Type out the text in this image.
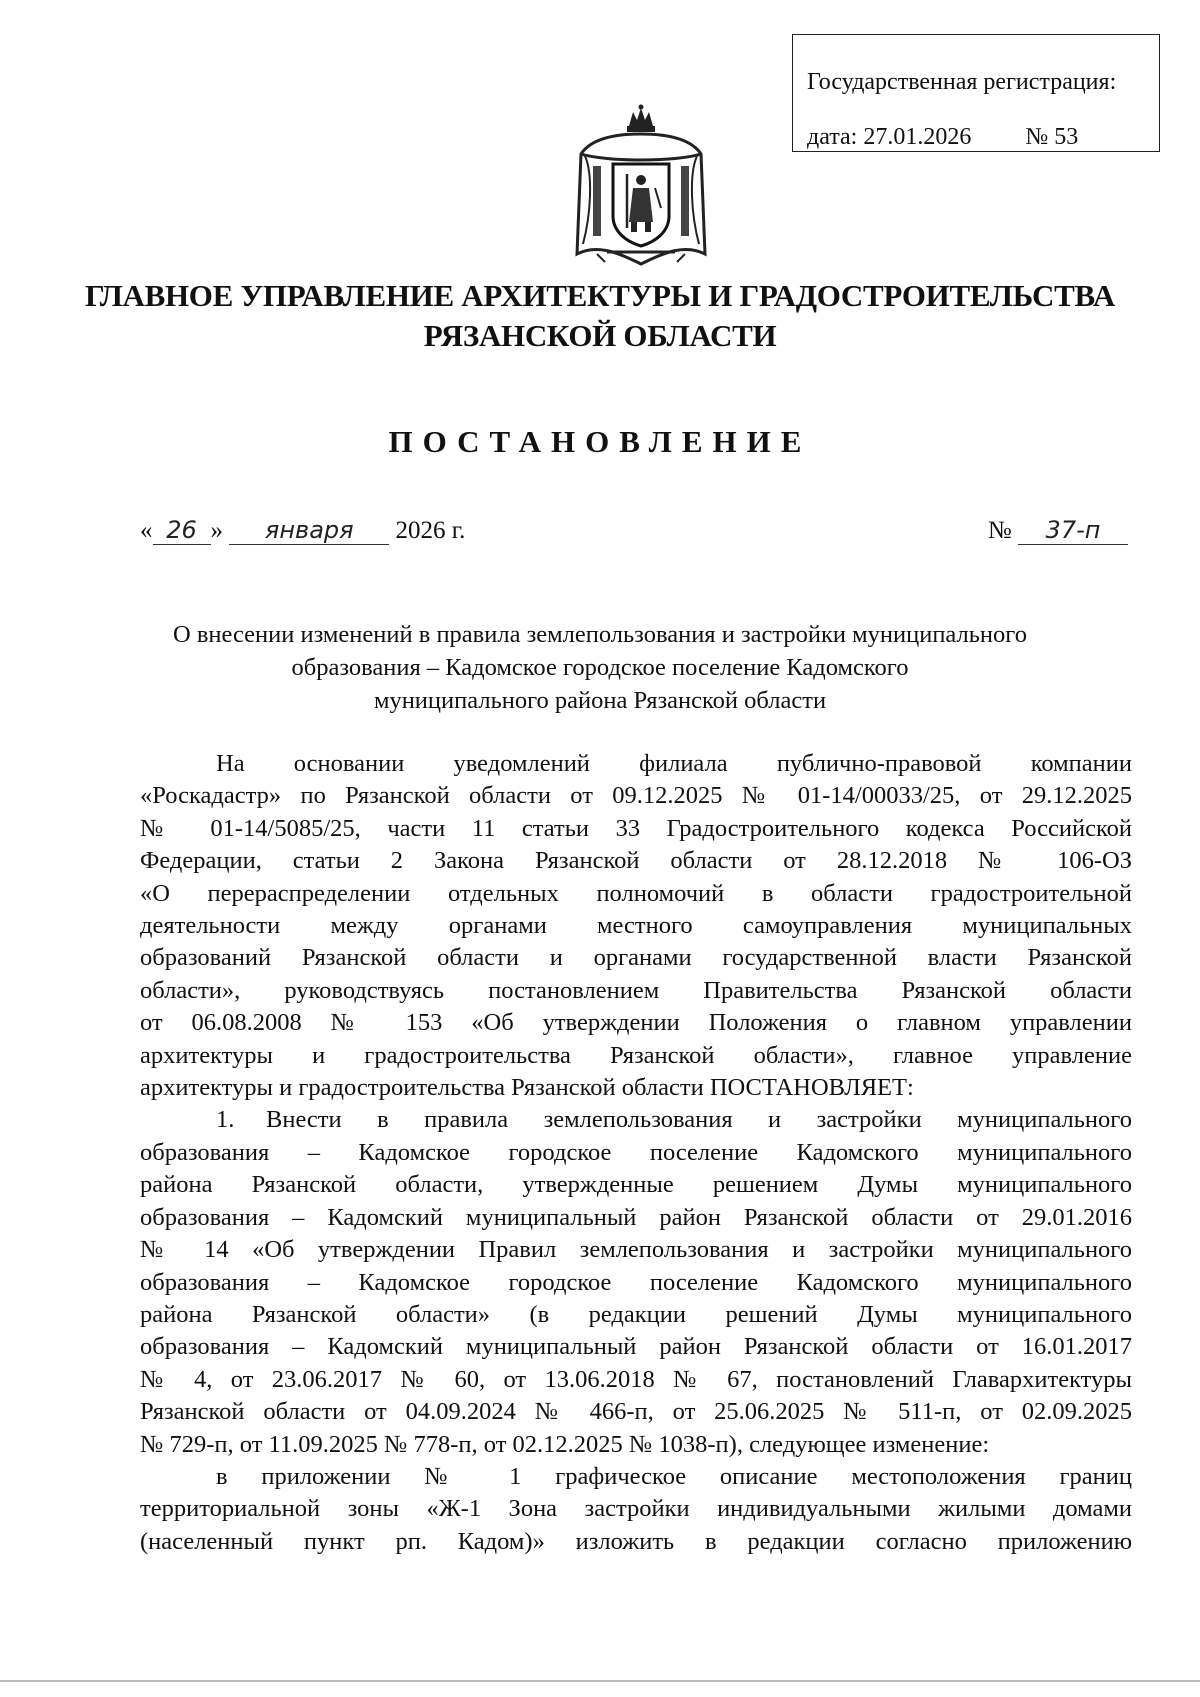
Государственная регистрация:
дата: 27.01.2026 № 53
ГЛАВНОЕ УПРАВЛЕНИЕ АРХИТЕКТУРЫ И ГРАДОСТРОИТЕЛЬСТВА
РЯЗАНСКОЙ ОБЛАСТИ
ПОСТАНОВЛЕНИЕ
« 26 » января 2026 г.	№ 37-п
О внесении изменений в правила землепользования и застройки муниципального
образования – Кадомское городское поселение Кадомского
муниципального района Рязанской области

На основании уведомлений филиала публично-правовой компании

«Роскадастр» по Рязанской области от 09.12.2025 № 01-14/00033/25, от 29.12.2025

№ 01-14/5085/25, части 11 статьи 33 Градостроительного кодекса Российской

Федерации, статьи 2 Закона Рязанской области от 28.12.2018 № 106-ОЗ

«О перераспределении отдельных полномочий в области градостроительной

деятельности между органами местного самоуправления муниципальных

образований Рязанской области и органами государственной власти Рязанской

области», руководствуясь постановлением Правительства Рязанской области

от 06.08.2008 № 153 «Об утверждении Положения о главном управлении

архитектуры и градостроительства Рязанской области», главное управление

архитектуры и градостроительства Рязанской области ПОСТАНОВЛЯЕТ:

1. Внести в правила землепользования и застройки муниципального

образования – Кадомское городское поселение Кадомского муниципального

района Рязанской области, утвержденные решением Думы муниципального

образования – Кадомский муниципальный район Рязанской области от 29.01.2016

№ 14 «Об утверждении Правил землепользования и застройки муниципального

образования – Кадомское городское поселение Кадомского муниципального

района Рязанской области» (в редакции решений Думы муниципального

образования – Кадомский муниципальный район Рязанской области от 16.01.2017

№ 4, от 23.06.2017 № 60, от 13.06.2018 № 67, постановлений Главархитектуры

Рязанской области от 04.09.2024 № 466-п, от 25.06.2025 № 511-п, от 02.09.2025

№ 729-п, от 11.09.2025 № 778-п, от 02.12.2025 № 1038-п), следующее изменение:

в приложении № 1 графическое описание местоположения границ

территориальной зоны «Ж-1 Зона застройки индивидуальными жилыми домами

(населенный пункт рп. Кадом)» изложить в редакции согласно приложению
